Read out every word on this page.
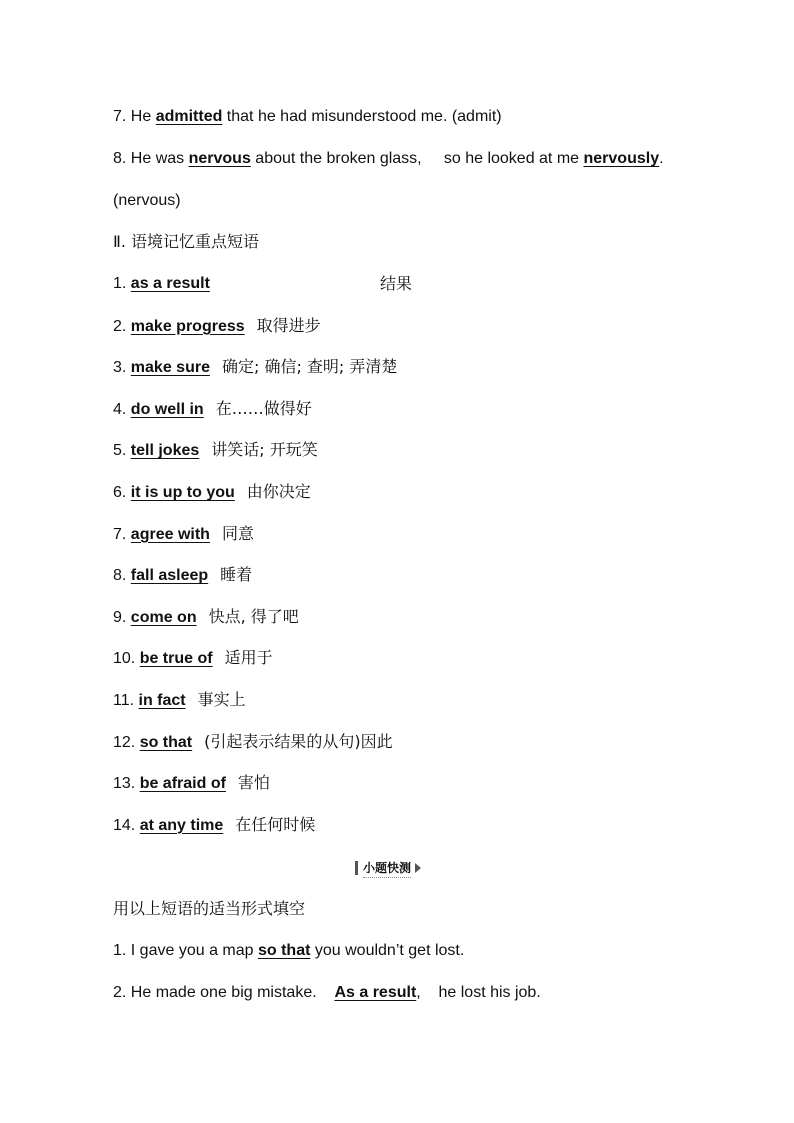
7. He admitted that he had misunderstood me. (admit)
8. He was nervous about the broken glass,     so he looked at me nervously.
(nervous)
Ⅱ. 语境记忆重点短语
1. as a result	结果
2. make progress 取得进步
3. make sure 确定; 确信; 查明; 弄清楚
4. do well in 在……做得好
5. tell jokes 讲笑话; 开玩笑
6. it is up to you 由你决定
7. agree with 同意
8. fall asleep 睡着
9. come on 快点, 得了吧
10. be true of 适用于
11. in fact 事实上
12. so that (引起表示结果的从句)因此
13. be afraid of 害怕
14. at any time 在任何时候
小题快测
用以上短语的适当形式填空
1. I gave you a map so that you wouldn’t get lost.
2. He made one big mistake.    As a result,    he lost his job.
